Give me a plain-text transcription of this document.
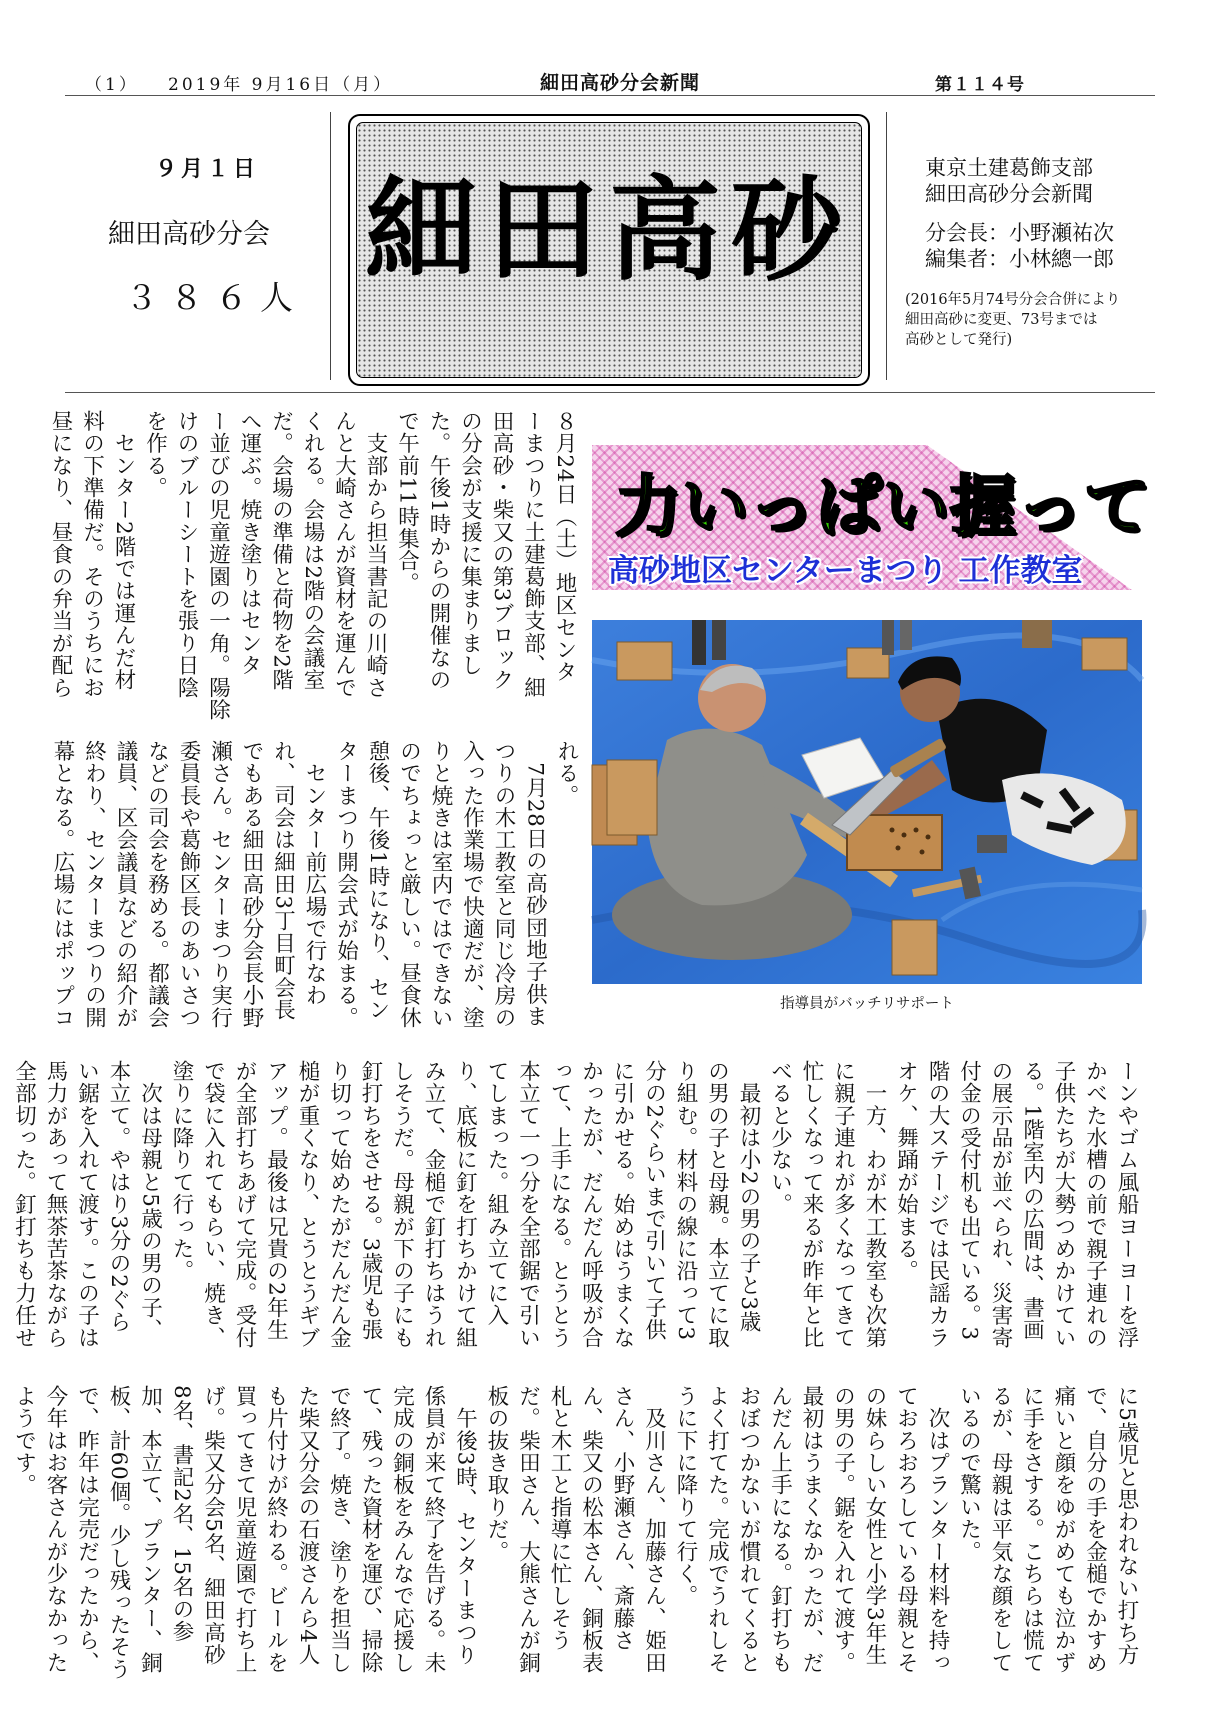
（1） 2019年 9月16日（月）	細田高砂分会新聞	第１１４号
９月１日
細田高砂分会
３８６人
細田高砂	東京土建葛飾支部
細田高砂分会新聞
分会長：小野瀬祐次
編集者：小林總一郎
(2016年5月74号分会合併により
細田高砂に変更、73号までは
高砂として発行)
力いっぱい握って
高砂地区センターまつり 工作教室
指導員がバッチリサポート
８月24日（土）地区センタ
ーまつりに土建葛飾支部、細
田高砂・柴又の第3ブロック
の分会が支援に集まりまし
た。午後1時からの開催なの
で午前11時集合。
　支部から担当書記の川崎さ
んと大崎さんが資材を運んで
くれる。会場は2階の会議室
だ。会場の準備と荷物を2階
へ運ぶ。焼き塗りはセンタ
ー並びの児童遊園の一角。陽除
けのブルーシートを張り日陰
を作る。
　センター2階では運んだ材
料の下準備だ。そのうちにお
昼になり、昼食の弁当が配ら
れる。
　7月28日の高砂団地子供ま
つりの木工教室と同じ冷房の
入った作業場で快適だが、塗
りと焼きは室内ではできない
のでちょっと厳しい。昼食休
憩後、午後1時になり、セン
ターまつり開会式が始まる。
　センター前広場で行なわ
れ、司会は細田3丁目町会長
でもある細田高砂分会長小野
瀬さん。センターまつり実行
委員長や葛飾区長のあいさつ
などの司会を務める。都議会
議員、区会議員などの紹介が
終わり、センターまつりの開
幕となる。広場にはポップコ
ーンやゴム風船ヨーヨーを浮
かべた水槽の前で親子連れの
子供たちが大勢つめかけてい
る。1階室内の広間は、書画
の展示品が並べられ、災害寄
付金の受付机も出ている。3
階の大ステージでは民謡カラ
オケ、舞踊が始まる。
　一方、わが木工教室も次第
に親子連れが多くなってきて
忙しくなって来るが昨年と比
べると少ない。
　最初は小2の男の子と3歳
の男の子と母親。本立てに取
り組む。材料の線に沿って3
分の2ぐらいまで引いて子供
に引かせる。始めはうまくな
かったが、だんだん呼吸が合
って、上手になる。とうとう
本立て一つ分を全部鋸で引い
てしまった。組み立てに入
り、底板に釘を打ちかけて組
み立て、金槌で釘打ちはうれ
しそうだ。母親が下の子にも
釘打ちをさせる。3歳児も張
り切って始めたがだんだん金
槌が重くなり、とうとうギブ
アップ。最後は兄貴の2年生
が全部打ちあげて完成。受付
で袋に入れてもらい、焼き、
塗りに降りて行った。
　次は母親と5歳の男の子、
本立て。やはり3分の2ぐら
い鋸を入れて渡す。この子は
馬力があって無茶苦茶ながら
全部切った。釘打ちも力任せ
に5歳児と思われない打ち方
で、自分の手を金槌でかすめ
痛いと顔をゆがめても泣かず
に手をさする。こちらは慌て
るが、母親は平気な顔をして
いるので驚いた。
　次はプランター材料を持っ
ておろおろしている母親とそ
の妹らしい女性と小学3年生
の男の子。鋸を入れて渡す。
最初はうまくなかったが、だ
んだん上手になる。釘打ちも
おぼつかないが慣れてくると
よく打てた。完成でうれしそ
うに下に降りて行く。
　及川さん、加藤さん、姫田
さん、小野瀬さん、斎藤さ
ん、柴又の松本さん、銅板表
札と木工と指導に忙しそう
だ。柴田さん、大熊さんが銅
板の抜き取りだ。
　午後3時、センターまつり
係員が来て終了を告げる。未
完成の銅板をみんなで応援し
て、残った資材を運び、掃除
で終了。焼き、塗りを担当し
た柴又分会の石渡さんら4人
も片付けが終わる。ビールを
買ってきて児童遊園で打ち上
げ。柴又分会5名、細田高砂
8名、書記2名、15名の参
加、本立て、プランター、銅
板、計60個。少し残ったそう
で、昨年は完売だったから、
今年はお客さんが少なかった
ようです。
